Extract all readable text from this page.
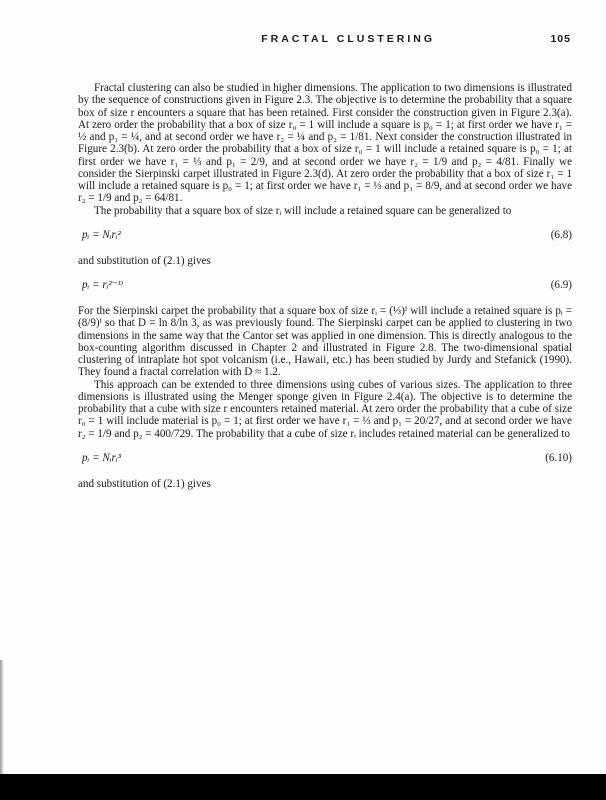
FRACTAL CLUSTERING	105

Fractal clustering can also be studied in higher dimensions. The application to two dimensions is illustrated by the sequence of constructions given in Figure 2.3. The objective is to determine the probability that a square box of size r encounters a square that has been retained. First consider the construction given in Figure 2.3(a). At zero order the probability that a box of size r₀ = 1 will include a square is p₀ = 1; at first order we have r₁ = ½ and p₁ = ¼, and at second order we have r₂ = ¼ and p₂ = 1/81. Next consider the construction illustrated in Figure 2.3(b). At zero order the probability that a box of size r₀ = 1 will include a retained square is p₀ = 1; at first order we have r₁ = ⅓ and p₁ = 2/9, and at second order we have r₂ = 1/9 and p₂ = 4/81. Finally we consider the Sierpinski carpet illustrated in Figure 2.3(d). At zero order the probability that a box of size r₁ = 1 will include a retained square is p₀ = 1; at first order we have r₁ = ⅓ and p₁ = 8/9, and at second order we have r₂ = 1/9 and p₂ = 64/81.

The probability that a square box of size rᵢ will include a retained square can be generalized to

pᵢ = Nᵢrᵢ²	(6.8)

and substitution of (2.1) gives

pᵢ = rᵢ²⁻ᴰ	(6.9)

For the Sierpinski carpet the probability that a square box of size rᵢ = (⅓)ⁱ will include a retained square is pᵢ = (8/9)ⁱ so that D = ln 8/ln 3, as was previously found. The Sierpinski carpet can be applied to clustering in two dimensions in the same way that the Cantor set was applied in one dimension. This is directly analogous to the box-counting algorithm discussed in Chapter 2 and illustrated in Figure 2.8. The two-dimensional spatial clustering of intraplate hot spot volcanism (i.e., Hawaii, etc.) has been studied by Jurdy and Stefanick (1990). They found a fractal correlation with D ≈ 1.2.

This approach can be extended to three dimensions using cubes of various sizes. The application to three dimensions is illustrated using the Menger sponge given in Figure 2.4(a). The objective is to determine the probability that a cube with size r encounters retained material. At zero order the probability that a cube of size r₀ = 1 will include material is p₀ = 1; at first order we have r₁ = ⅓ and p₁ = 20/27, and at second order we have r₂ = 1/9 and p₂ = 400/729. The probability that a cube of size rᵢ includes retained material can be generalized to

pᵢ = Nᵢrᵢ³	(6.10)

and substitution of (2.1) gives
